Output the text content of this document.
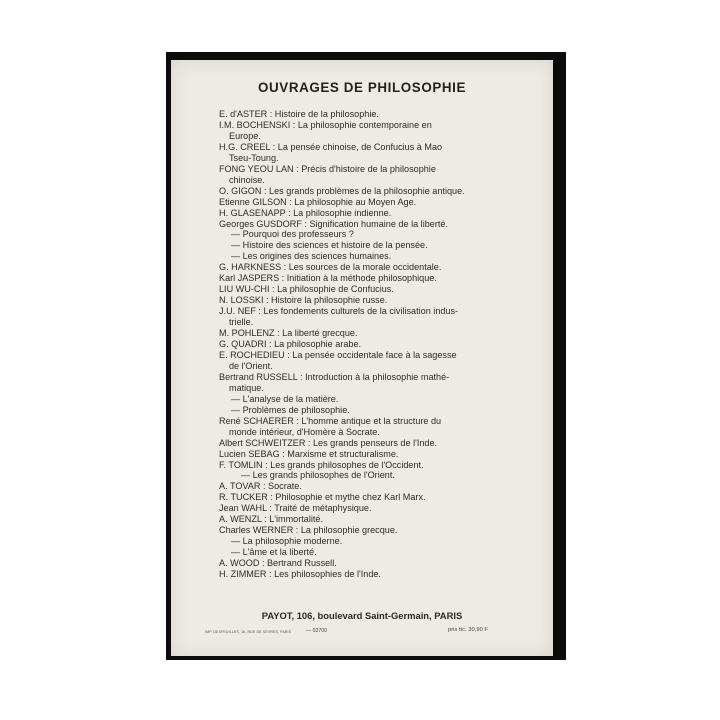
OUVRAGES DE PHILOSOPHIE
E. d'ASTER : Histoire de la philosophie.
I.M. BOCHENSKI : La philosophie contemporaine en
Europe.
H.G. CREEL : La pensée chinoise, de Confucius à Mao
Tseu-Toung.
FONG YEOU LAN : Précis d'histoire de la philosophie
chinoise.
O. GIGON : Les grands problèmes de la philosophie antique.
Etienne GILSON : La philosophie au Moyen Age.
H. GLASENAPP : La philosophie indienne.
Georges GUSDORF : Signification humaine de la liberté.
— Pourquoi des professeurs ?
— Histoire des sciences et histoire de la pensée.
— Les origines des sciences humaines.
G. HARKNESS : Les sources de la morale occidentale.
Karl JASPERS : Initiation à la méthode philosophique.
LIU WU-CHI : La philosophie de Confucius.
N. LOSSKI : Histoire la philosophie russe.
J.U. NEF : Les fondements culturels de la civilisation indus-
trielle.
M. POHLENZ : La liberté grecque.
G. QUADRI : La philosophie arabe.
E. ROCHEDIEU : La pensée occidentale face à la sagesse
de l'Orient.
Bertrand RUSSELL : Introduction à la philosophie mathé-
matique.
— L'analyse de la matière.
— Problèmes de philosophie.
René SCHAERER : L'homme antique et la structure du
monde intérieur, d'Homère à Socrate.
Albert SCHWEITZER : Les grands penseurs de l'Inde.
Lucien SEBAG : Marxisme et structuralisme.
F. TOMLIN : Les grands philosophes de l'Occident.
— Les grands philosophes de l'Orient.
A. TOVAR : Socrate.
R. TUCKER : Philosophie et mythe chez Karl Marx.
Jean WAHL : Traité de métaphysique.
A. WENZL : L'immortalité.
Charles WERNER : La philosophie grecque.
— La philosophie moderne.
— L'âme et la liberté.
A. WOOD : Bertrand Russell.
H. ZIMMER : Les philosophies de l'Inde.
PAYOT, 106, boulevard Saint-Germain, PARIS
IMP. DESFEUILLES, 16, RUE DE SEVRES, PARIS	— 02700	prix ttc. 30,90 F
